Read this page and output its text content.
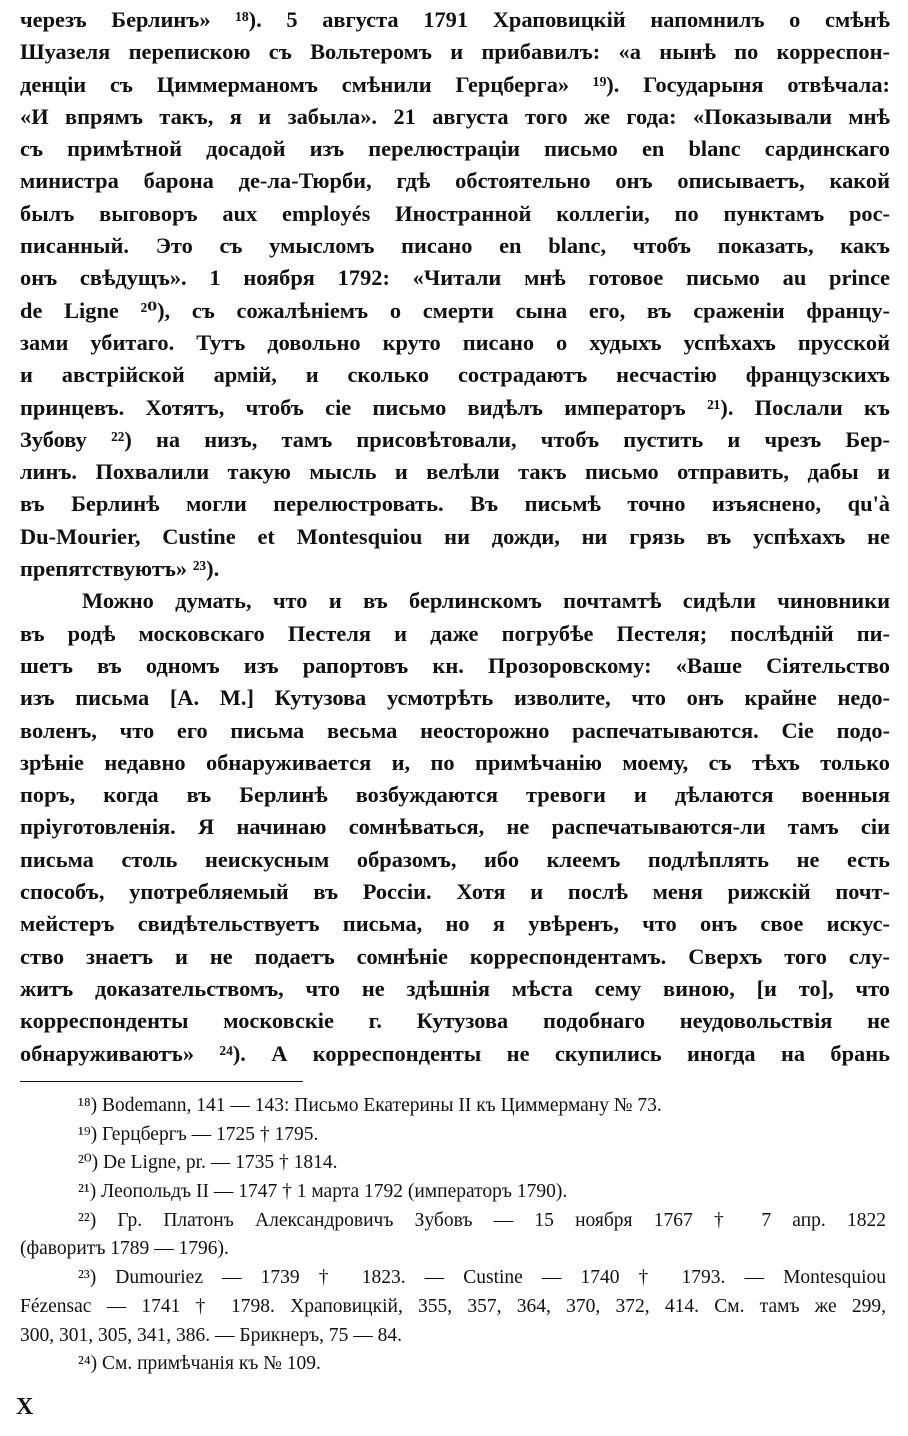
черезъ Берлинъ» ¹⁸). 5 августа 1791 Храповицкій напомнилъ о смѣнѣ
Шуазеля перепискою съ Вольтеромъ и прибавилъ: «а нынѣ по корреспон-
денціи съ Циммерманомъ смѣнили Герцберга» ¹⁹). Государыня отвѣчала:
«И впрямъ такъ, я и забыла». 21 августа того же года: «Показывали мнѣ
съ примѣтной досадой изъ перелюстраціи письмо en blanc сардинскаго
министра барона де-ла-Тюрби, гдѣ обстоятельно онъ описываетъ, какой
былъ выговоръ aux employés Иностранной коллегіи, по пунктамъ рос-
писанный. Это съ умысломъ писано en blanc, чтобъ показать, какъ
онъ свѣдущъ». 1 ноября 1792: «Читали мнѣ готовое письмо au prince
de Ligne ²⁰), съ сожалѣніемъ о смерти сына его, въ сраженіи францу-
зами убитаго. Тутъ довольно круто писано о худыхъ успѣхахъ прусской
и австрійской армій, и сколько сострадаютъ несчастію французскихъ
принцевъ. Хотятъ, чтобъ сіе письмо видѣлъ императоръ ²¹). Послали къ
Зубову ²²) на низъ, тамъ присовѣтовали, чтобъ пустить и чрезъ Бер-
линъ. Похвалили такую мысль и велѣли такъ письмо отправить, дабы и
въ Берлинѣ могли перелюстровать. Въ письмѣ точно изъяснено, qu'à
Du-Mourier, Custine et Montesquiou ни дожди, ни грязь въ успѣхахъ не
препятствуютъ» ²³).
Можно думать, что и въ берлинскомъ почтамтѣ сидѣли чиновники
въ родѣ московскаго Пестеля и даже погрубѣе Пестеля; послѣдній пи-
шетъ въ одномъ изъ рапортовъ кн. Прозоровскому: «Ваше Сіятельство
изъ письма [А. М.] Кутузова усмотрѣть изволите, что онъ крайне недо-
воленъ, что его письма весьма неосторожно распечатываются. Сіе подо-
зрѣніе недавно обнаруживается и, по примѣчанію моему, съ тѣхъ только
поръ, когда въ Берлинѣ возбуждаются тревоги и дѣлаются военныя
пріуготовленія. Я начинаю сомнѣваться, не распечатываются-ли тамъ сіи
письма столь неискусным образомъ, ибо клеемъ подлѣплять не есть
способъ, употребляемый въ Россіи. Хотя и послѣ меня рижскій почт-
мейстеръ свидѣтельствуетъ письма, но я увѣренъ, что онъ свое искус-
ство знаетъ и не подаетъ сомнѣніе корреспондентамъ. Сверхъ того слу-
житъ доказательствомъ, что не здѣшнія мѣста сему виною, [и то], что
корреспонденты московскіе г. Кутузова подобнаго неудовольствія не
обнаруживаютъ» ²⁴). А корреспонденты не скупились иногда на брань
¹⁸) Bodemann, 141 — 143: Письмо Екатерины II къ Циммерману № 73.
¹⁹) Герцбергъ — 1725 † 1795.
²⁰) De Ligne, pr. — 1735 † 1814.
²¹) Леопольдъ II — 1747 † 1 марта 1792 (императоръ 1790).
²²) Гр. Платонъ Александровичъ Зубовъ — 15 ноября 1767 † 7 апр. 1822
(фаворитъ 1789 — 1796).
²³) Dumouriez — 1739 † 1823. — Custine — 1740 † 1793. — Montesquiou
Fézensac — 1741 † 1798. Храповицкій, 355, 357, 364, 370, 372, 414. См. тамъ же 299,
300, 301, 305, 341, 386. — Брикнеръ, 75 — 84.
²⁴) См. примѣчанія къ № 109.
X
